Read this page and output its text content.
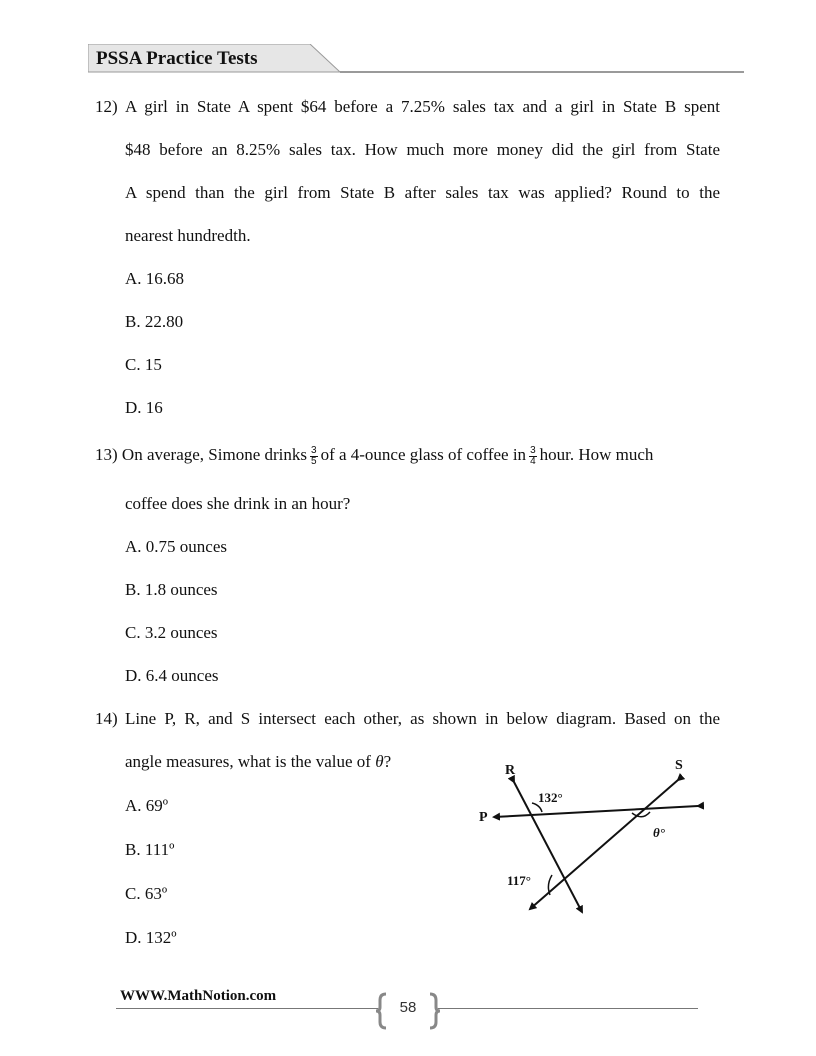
PSSA Practice Tests
12) A girl in State A spent $64 before a 7.25% sales tax and a girl in State B spent
$48 before an 8.25% sales tax. How much more money did the girl from State
A spend than the girl from State B after sales tax was applied? Round to the
nearest hundredth.
A. 16.68
B. 22.80
C. 15
D. 16
13) On average, Simone drinks $\frac{3}{5}$ of a 4-ounce glass of coffee in $\frac{3}{4}$ hour. How much
coffee does she drink in an hour?
A. 0.75 ounces
B. 1.8 ounces
C. 3.2 ounces
D. 6.4 ounces
14) Line P, R, and S intersect each other, as shown in below diagram. Based on the
angle measures, what is the value of θ?
A. 69º
B. 111º
C. 63º
D. 132º
R	S
P
132°
θ°
117°
WWW.MathNotion.com
58
